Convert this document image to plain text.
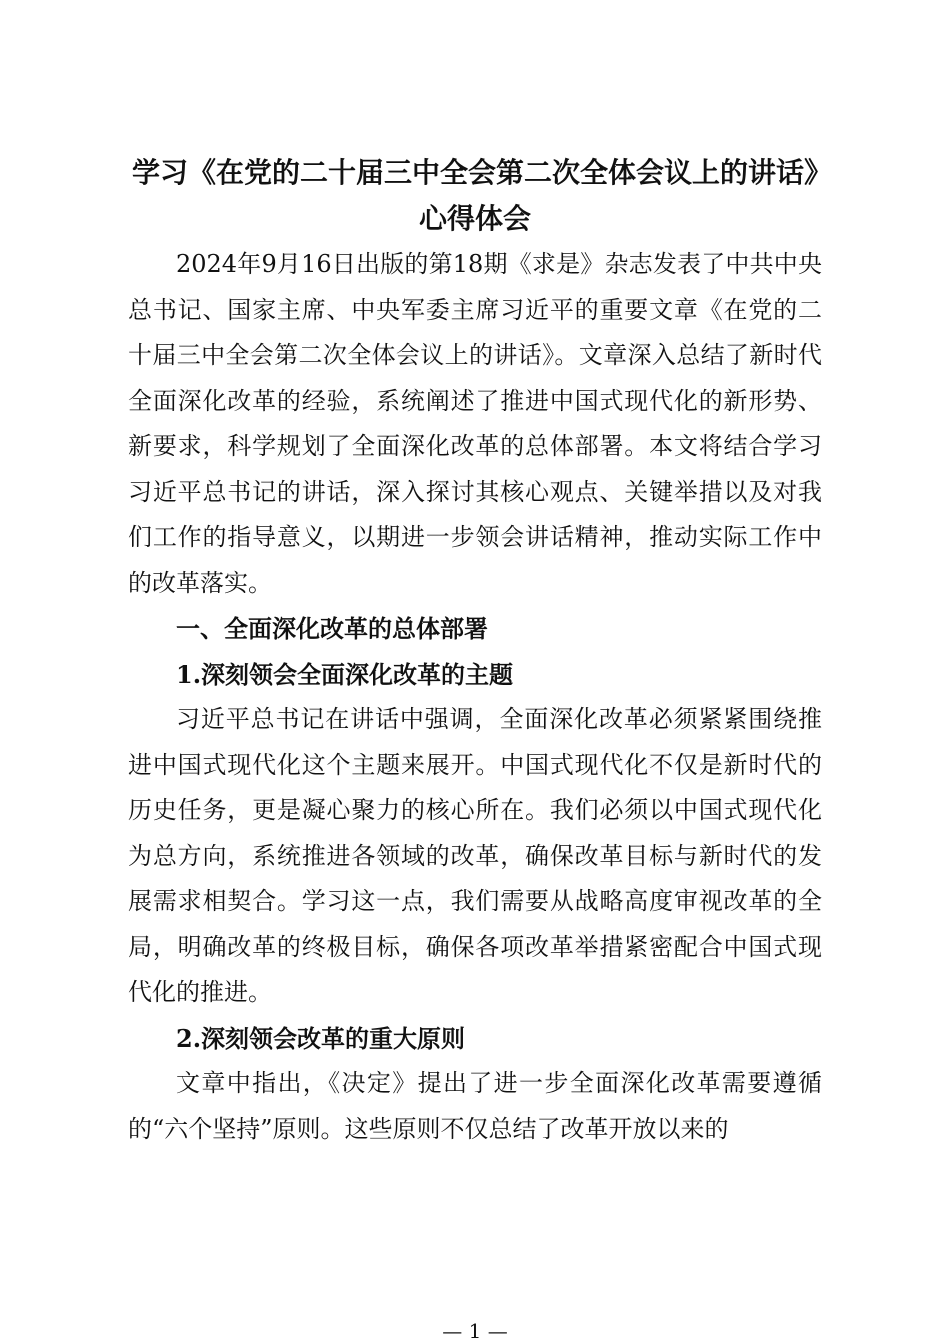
学习《在党的二十届三中全会第二次全体会议上的讲话》心得体会

2024年9月16日出版的第18期《求是》杂志发表了中共中央总书记、国家主席、中央军委主席习近平的重要文章《在党的二十届三中全会第二次全体会议上的讲话》。文章深入总结了新时代全面深化改革的经验，系统阐述了推进中国式现代化的新形势、新要求，科学规划了全面深化改革的总体部署。本文将结合学习习近平总书记的讲话，深入探讨其核心观点、关键举措以及对我们工作的指导意义，以期进一步领会讲话精神，推动实际工作中的改革落实。

一、全面深化改革的总体部署

1.深刻领会全面深化改革的主题

习近平总书记在讲话中强调，全面深化改革必须紧紧围绕推进中国式现代化这个主题来展开。中国式现代化不仅是新时代的历史任务，更是凝心聚力的核心所在。我们必须以中国式现代化为总方向，系统推进各领域的改革，确保改革目标与新时代的发展需求相契合。学习这一点，我们需要从战略高度审视改革的全局，明确改革的终极目标，确保各项改革举措紧密配合中国式现代化的推进。

2.深刻领会改革的重大原则

文章中指出，《决定》提出了进一步全面深化改革需要遵循的“六个坚持”原则。这些原则不仅总结了改革开放以来的

— 1 —
